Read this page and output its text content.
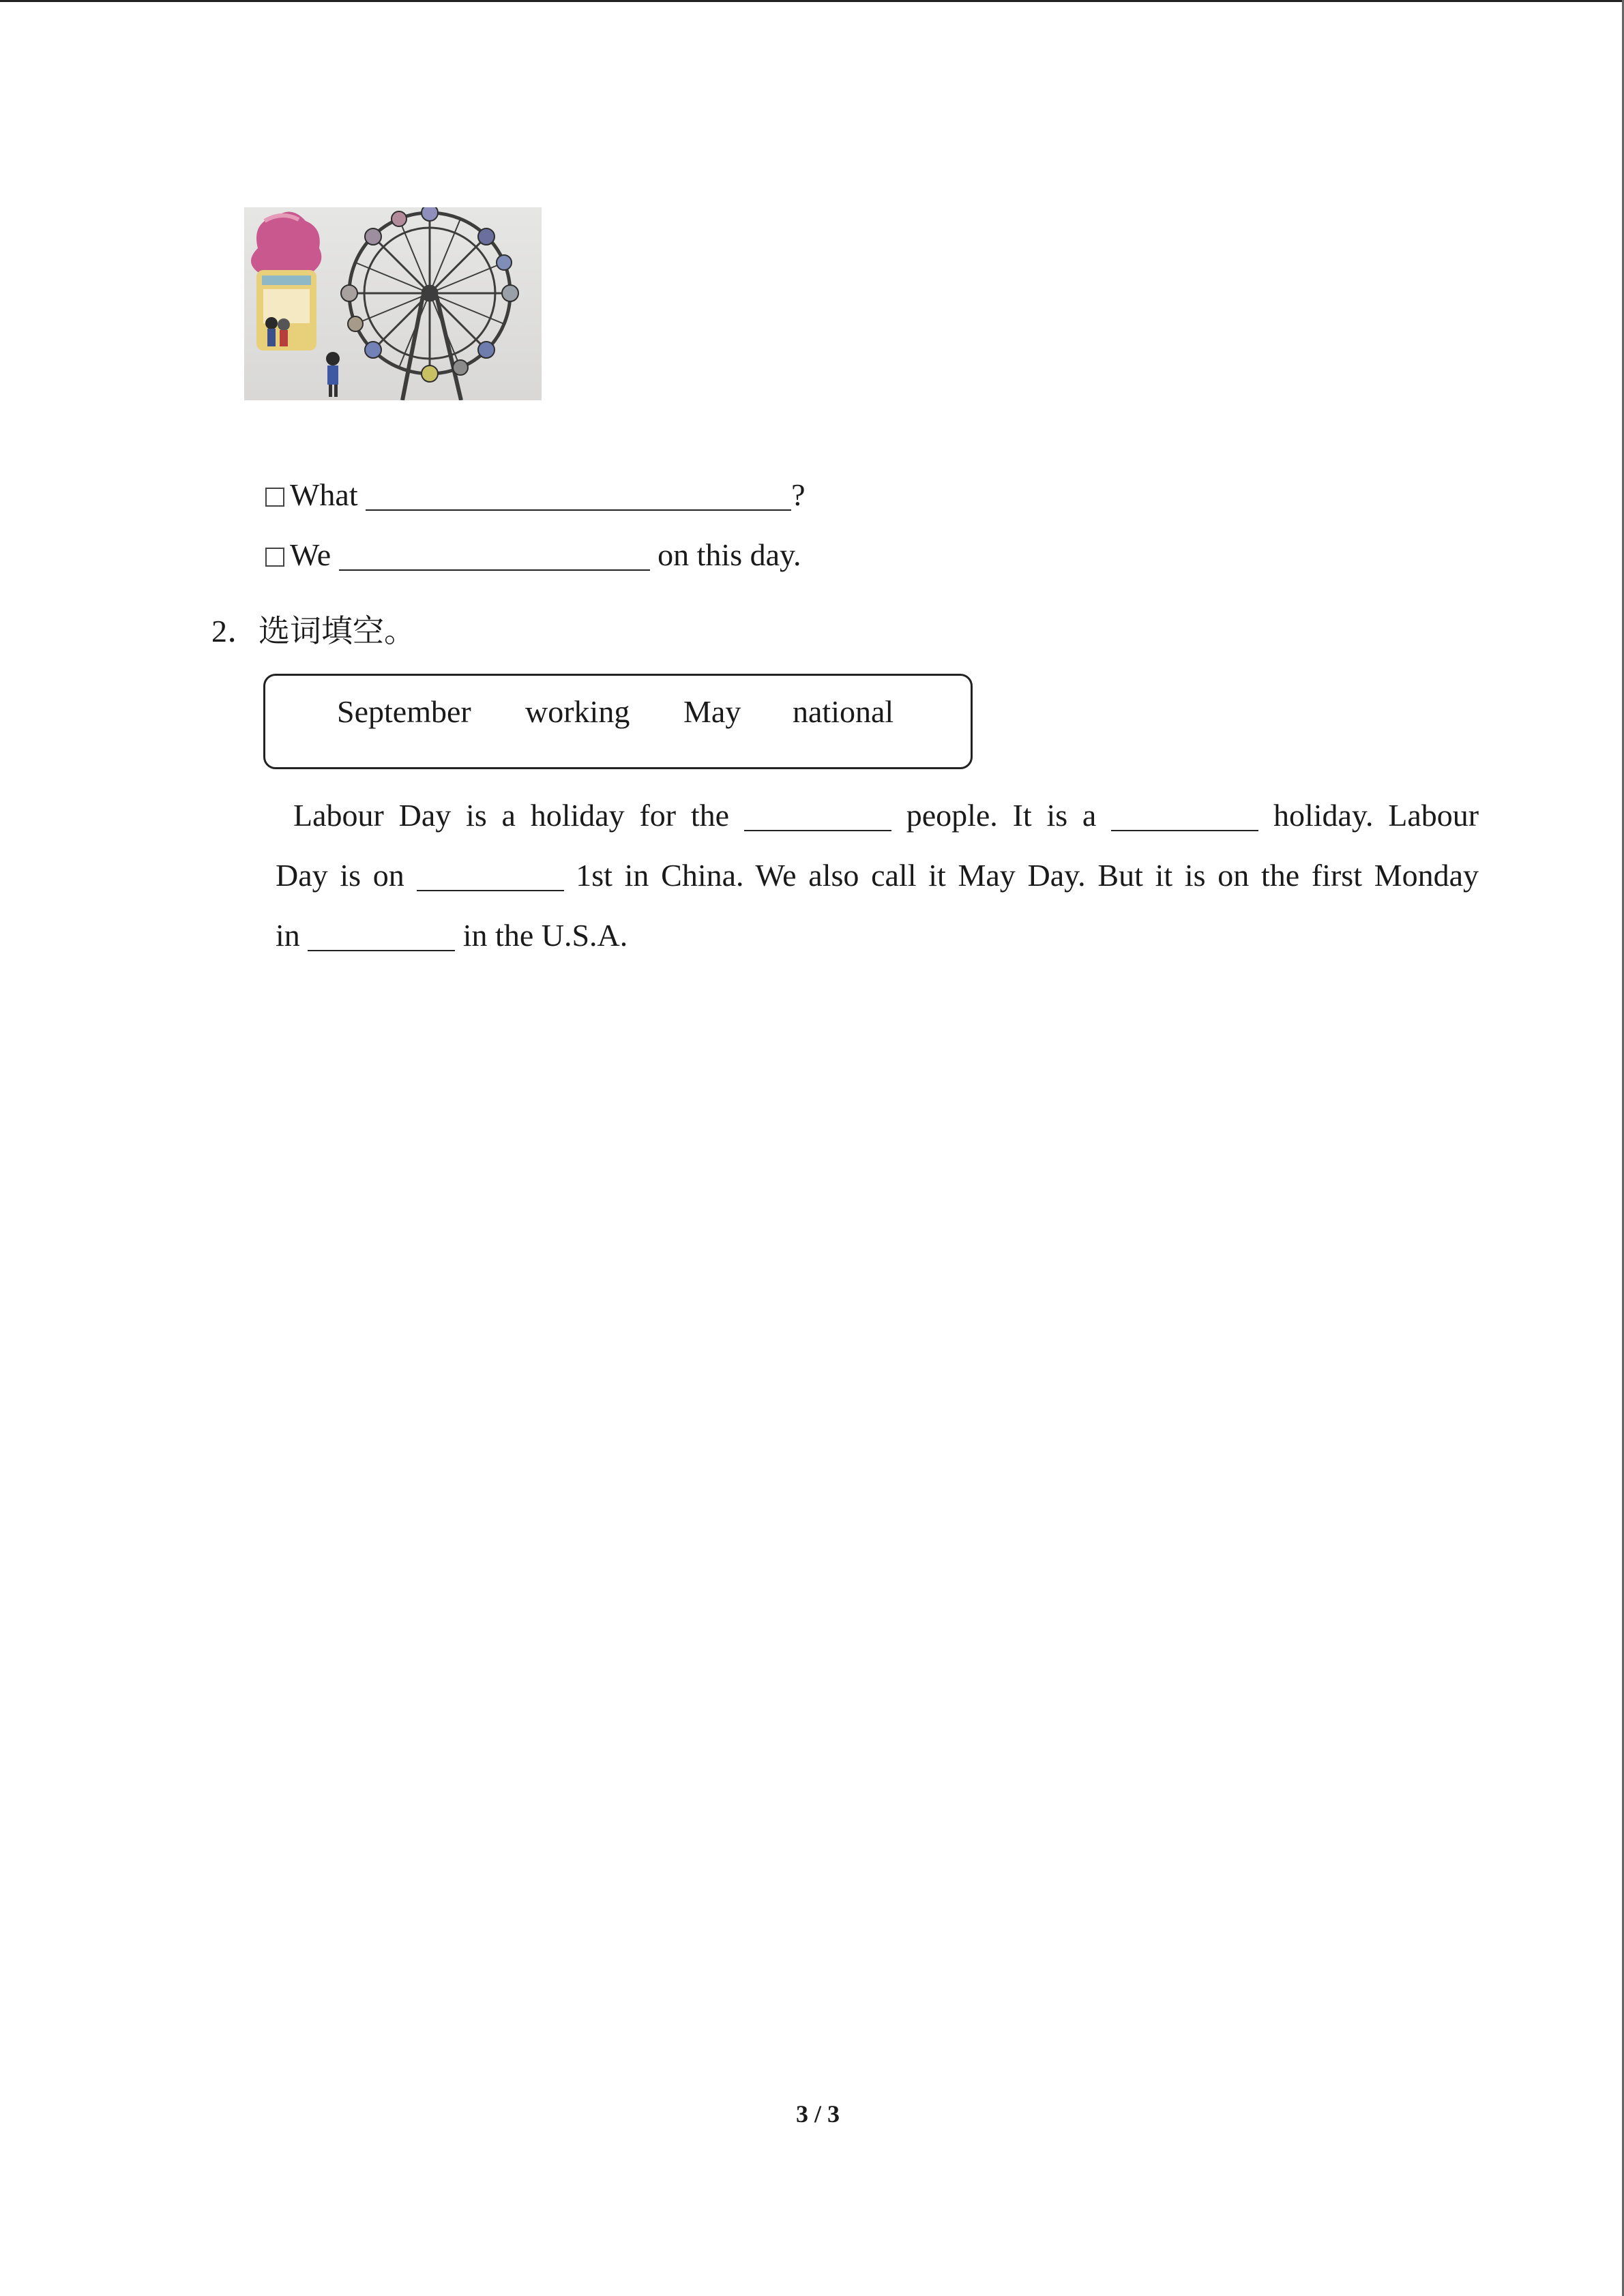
What	?

We	on this day.

2．选词填空。
September working May national
Labour Day is a holiday for the	people. It is a	holiday. Labour
Day is on	1st in China. We also call it May Day. But it is on the first Monday
in	in the U.S.A.
3 / 3
